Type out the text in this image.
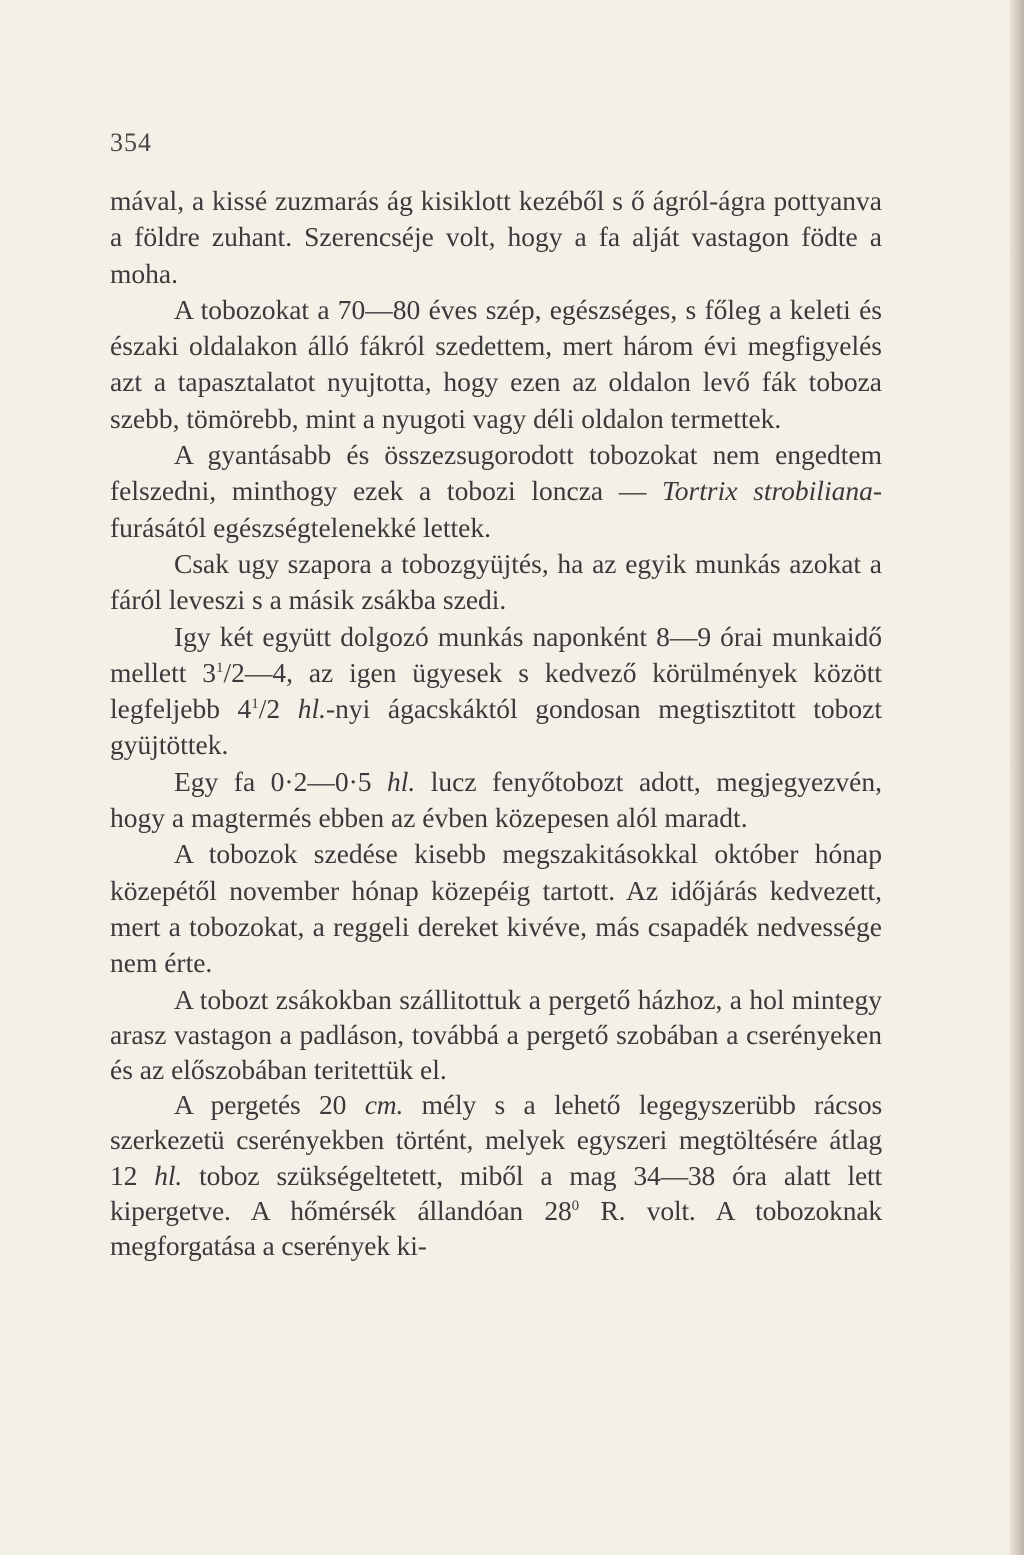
354

mával, a kissé zuzmarás ág kisiklott kezéből s ő ágról-ágra pottyanva a földre zuhant. Szerencséje volt, hogy a fa alját vastagon födte a moha.

A tobozokat a 70—80 éves szép, egészséges, s főleg a keleti és északi oldalakon álló fákról szedettem, mert három évi megfigyelés azt a tapasztalatot nyujtotta, hogy ezen az oldalon levő fák toboza szebb, tömörebb, mint a nyugoti vagy déli oldalon termettek.

A gyantásabb és összezsugorodott tobozokat nem engedtem felszedni, minthogy ezek a tobozi loncza — Tortrix strobiliana-furásától egészségtelenekké lettek.

Csak ugy szapora a tobozgyüjtés, ha az egyik munkás azokat a fáról leveszi s a másik zsákba szedi.

Igy két együtt dolgozó munkás naponként 8—9 órai munkaidő mellett $3^1/2—4$, az igen ügyesek s kedvező körülmények között legfeljebb $4^1/2$ hl.-nyi ágacskáktól gondosan megtisztitott tobozt gyüjtöttek.

Egy fa 0·2—0·5 hl. lucz fenyőtobozt adott, megjegyezvén, hogy a magtermés ebben az évben közepesen alól maradt.

A tobozok szedése kisebb megszakitásokkal október hónap közepétől november hónap közepéig tartott. Az időjárás kedvezett, mert a tobozokat, a reggeli dereket kivéve, más csapadék nedvessége nem érte.

A tobozt zsákokban szállitottuk a pergető házhoz, a hol mintegy arasz vastagon a padláson, továbbá a pergető szobában a cserényeken és az előszobában teritettük el.

A pergetés 20 cm. mély s a lehető legegyszerübb rácsos szerkezetü cserényekben történt, melyek egyszeri megtöltésére átlag 12 hl. toboz szükségeltetett, miből a mag 34—38 óra alatt lett kipergetve. A hőmérsék állandóan $28^0$ R. volt. A tobozoknak megforgatása a cserények ki-
